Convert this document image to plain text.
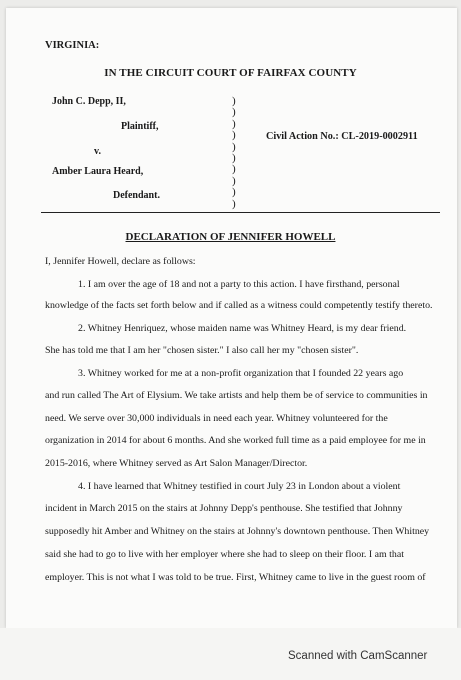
VIRGINIA:
IN THE CIRCUIT COURT OF FAIRFAX COUNTY
John C. Depp, II,
Plaintiff,
v.
Amber Laura Heard,
Defendant.
)
)
)
)
)
)
)
)
)
)
Civil Action No.: CL-2019-0002911
DECLARATION OF JENNIFER HOWELL
I, Jennifer Howell, declare as follows:
1. I am over the age of 18 and not a party to this action. I have firsthand, personal
knowledge of the facts set forth below and if called as a witness could competently testify thereto.
2. Whitney Henriquez, whose maiden name was Whitney Heard, is my dear friend.
She has told me that I am her "chosen sister." I also call her my "chosen sister".
3. Whitney worked for me at a non-profit organization that I founded 22 years ago
and run called The Art of Elysium. We take artists and help them be of service to communities in
need. We serve over 30,000 individuals in need each year. Whitney volunteered for the
organization in 2014 for about 6 months. And she worked full time as a paid employee for me in
2015-2016, where Whitney served as Art Salon Manager/Director.
4. I have learned that Whitney testified in court July 23 in London about a violent
incident in March 2015 on the stairs at Johnny Depp's penthouse. She testified that Johnny
supposedly hit Amber and Whitney on the stairs at Johnny's downtown penthouse. Then Whitney
said she had to go to live with her employer where she had to sleep on their floor. I am that
employer. This is not what I was told to be true. First, Whitney came to live in the guest room of
Scanned with CamScanner
